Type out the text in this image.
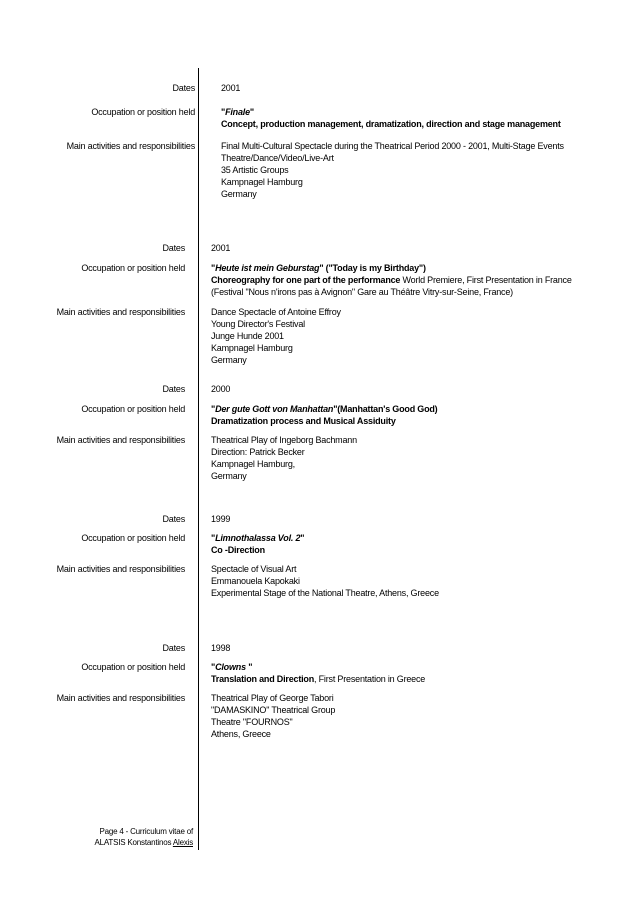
Dates	2001
Occupation or position held	"Finale"
Concept, production management, dramatization, direction and stage management
Main activities and responsibilities	Final Multi-Cultural Spectacle during the Theatrical Period 2000 - 2001, Multi-Stage Events
Theatre/Dance/Video/Live-Art
35 Artistic Groups
Kampnagel Hamburg
Germany
Dates	2001
Occupation or position held	"Heute ist mein Geburstag" ("Today is my Birthday")
Choreography for one part of the performance World Premiere, First Presentation in France
(Festival "Nous n'irons pas à Avignon" Gare au Théâtre Vitry-sur-Seine, France)
Main activities and responsibilities	Dance Spectacle of Antoine Effroy
Young Director's Festival
Junge Hunde 2001
Kampnagel Hamburg
Germany
Dates	2000
Occupation or position held	"Der gute Gott von Manhattan"(Manhattan's Good God)
Dramatization process and Musical Assiduity
Main activities and responsibilities	Theatrical Play of Ingeborg Bachmann
Direction: Patrick Becker
Kampnagel Hamburg,
Germany
Dates	1999
Occupation or position held	"Limnothalassa Vol. 2"
Co -Direction
Main activities and responsibilities	Spectacle of Visual Art
Emmanouela Kapokaki
Experimental Stage of the National Theatre, Athens, Greece
Dates	1998
Occupation or position held	"Clowns "
Translation and Direction, First Presentation in Greece
Main activities and responsibilities	Theatrical Play of George Tabori
"DAMASKINO" Theatrical Group
Theatre "FOURNOS"
Athens, Greece
Page 4 - Curriculum vitae of
ALATSIS Konstantinos Alexis
